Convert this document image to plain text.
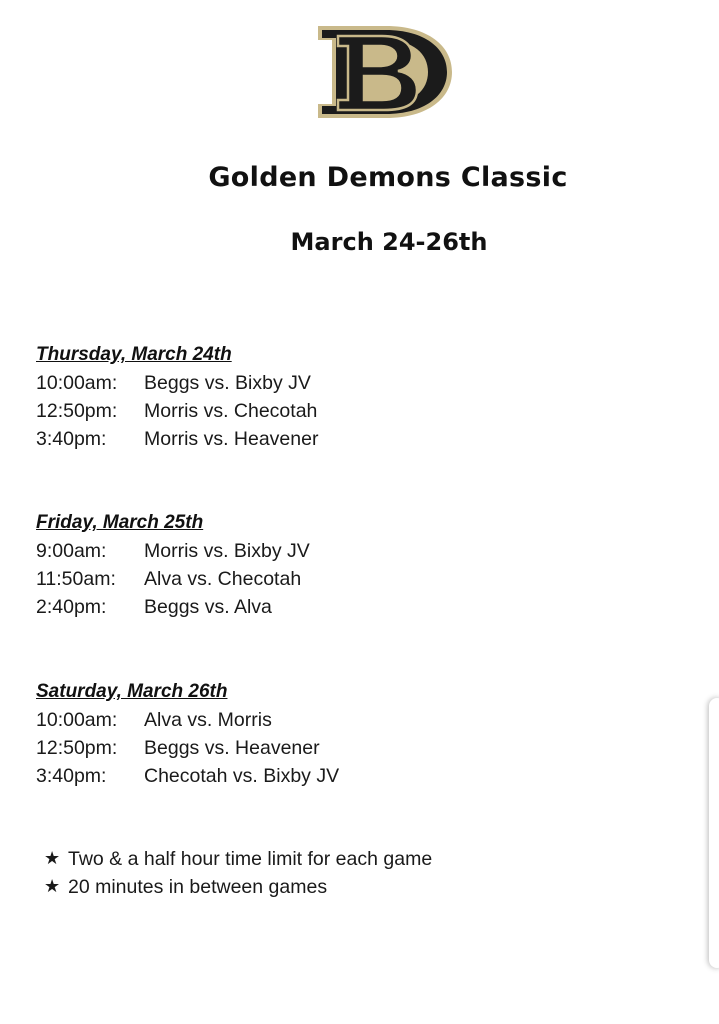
Golden Demons Classic
March 24-26th
Thursday, March 24th
10:00am:	Beggs vs. Bixby JV
12:50pm:	Morris vs. Checotah
3:40pm:	Morris vs. Heavener
Friday, March 25th
9:00am:	Morris vs. Bixby JV
11:50am:	Alva vs. Checotah
2:40pm:	Beggs vs. Alva
Saturday, March 26th
10:00am:	Alva vs. Morris
12:50pm:	Beggs vs. Heavener
3:40pm:	Checotah vs. Bixby JV
★ Two & a half hour time limit for each game
★ 20 minutes in between games
